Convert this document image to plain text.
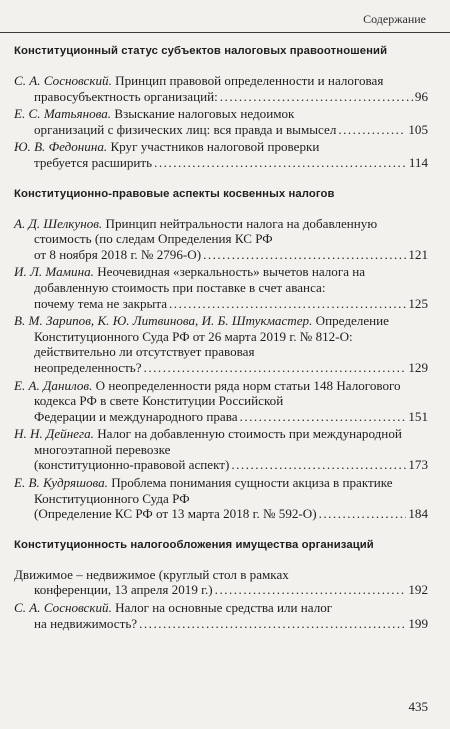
Содержание
Конституционный статус субъектов налоговых правоотношений
С. А. Сосновский. Принцип правовой определенности и налоговая
правосубъектность организаций: .....	96
Е. С. Матьянова. Взыскание налоговых недоимок
организаций с физических лиц: вся правда и вымысел .....	105
Ю. В. Федонина. Круг участников налоговой проверки
требуется расширить .....	114
Конституционно-правовые аспекты косвенных налогов
А. Д. Шелкунов. Принцип нейтральности налога на добавленную стоимость (по следам Определения КС РФ
от 8 ноября 2018 г. № 2796-О) .....	121
И. Л. Мамина. Неочевидная «зеркальность» вычетов налога на добавленную стоимость при поставке в счет аванса:
почему тема не закрыта .....	125
В. М. Зарипов, К. Ю. Литвинова, И. Б. Штукмастер. Определение Конституционного Суда РФ от 26 марта 2019 г. № 812-О: действительно ли отсутствует правовая
неопределенность? .....	129
Е. А. Данилов. О неопределенности ряда норм статьи 148 Налогового кодекса РФ в свете Конституции Российской
Федерации и международного права .....	151
Н. Н. Дейнега. Налог на добавленную стоимость при международной многоэтапной перевозке
(конституционно-правовой аспект) .....	173
Е. В. Кудряшова. Проблема понимания сущности акциза в практике Конституционного Суда РФ
(Определение КС РФ от 13 марта 2018 г. № 592-О) .....	184
Конституционность налогообложения имущества организаций
Движимое – недвижимое (круглый стол в рамках
конференции, 13 апреля 2019 г.) .....	192
С. А. Сосновский. Налог на основные средства или налог
на недвижимость? .....	199
435
